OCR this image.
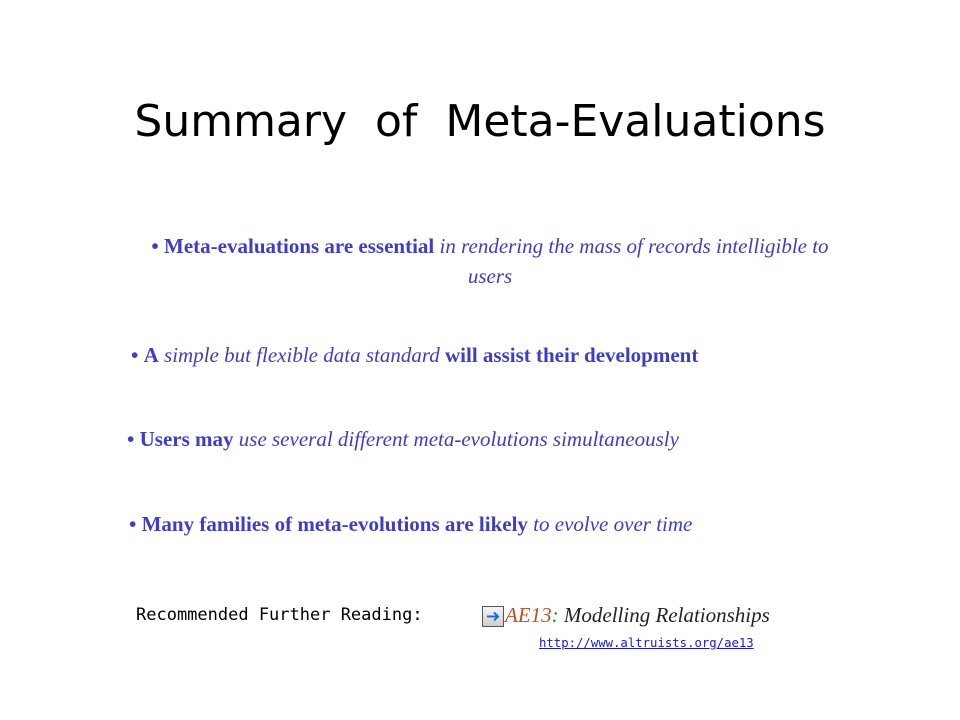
Summary  of  Meta-Evaluations
• Meta-evaluations are essential in rendering the mass of records intelligible to users
• A simple but flexible data standard will assist their development
• Users may use several different meta-evolutions simultaneously
• Many families of meta-evolutions are likely to evolve over time
Recommended Further Reading:	AE13: Modelling Relationships
http://www.altruists.org/ae13
